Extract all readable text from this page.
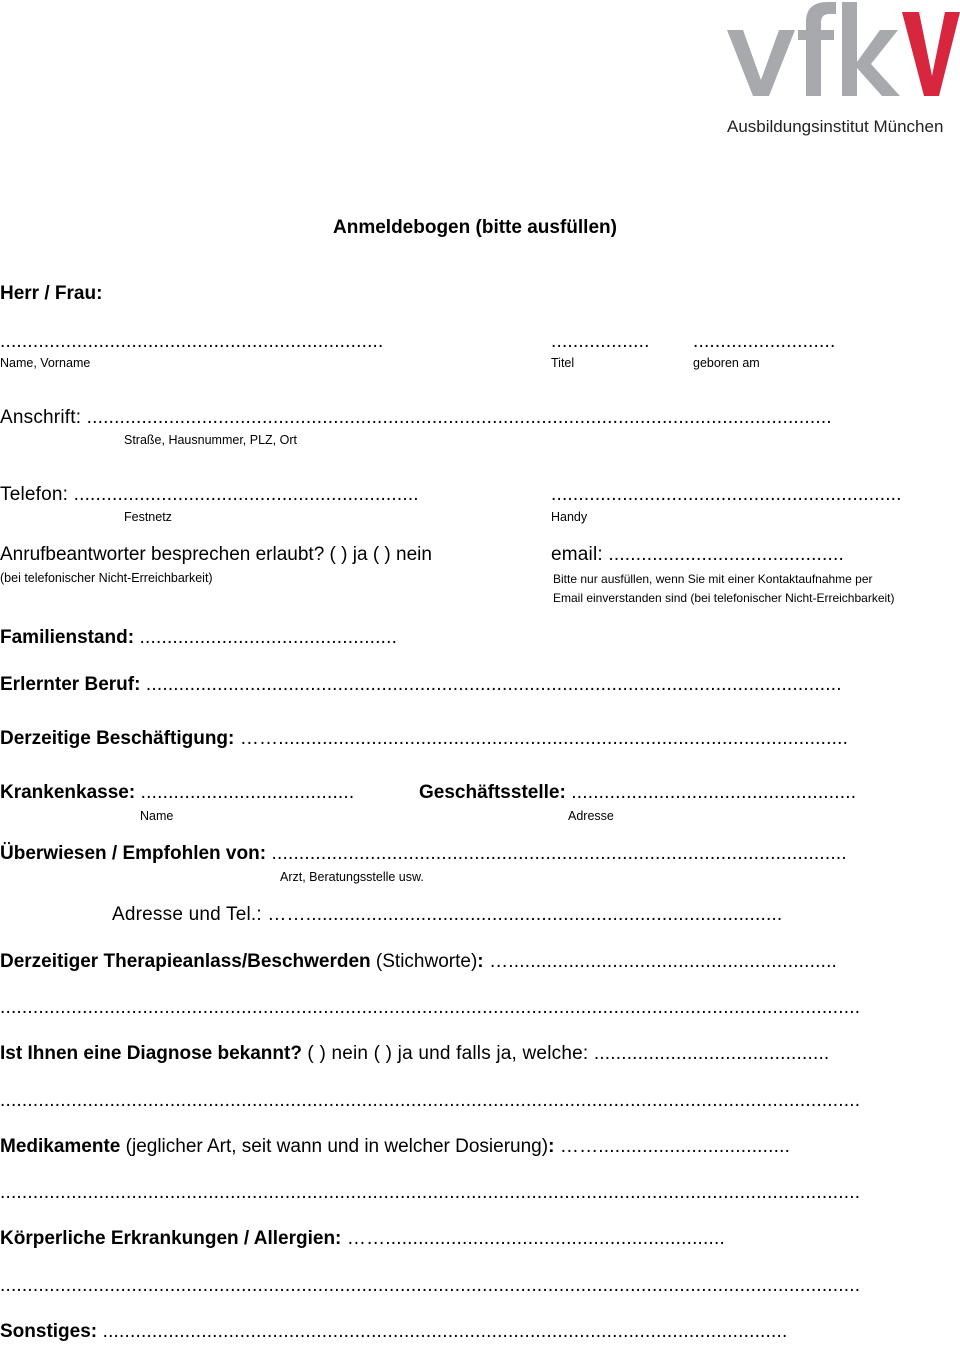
Ausbildungsinstitut München
Anmeldebogen (bitte ausfüllen)
Herr / Frau:
......................................................................	.................. ..........................
Name, Vorname	Titel	geboren am
Anschrift: ........................................................................................................................................
Straße, Hausnummer, PLZ, Ort
Telefon: ...............................................................	................................................................
Festnetz	Handy
Anrufbeantworter besprechen erlaubt? ( ) ja ( ) nein	email: ...........................................
(bei telefonischer Nicht-Erreichbarkeit)	Bitte nur ausfüllen, wenn Sie mit einer Kontaktaufnahme per
Email einverstanden sind (bei telefonischer Nicht-Erreichbarkeit)
Familienstand: ...............................................
Erlernter Beruf: ...............................................................................................................................
Derzeitige Beschäftigung: ……........................................................................................................
Krankenkasse: .......................................	Geschäftsstelle: ....................................................
Name	Adresse
Überwiesen / Empfohlen von: .........................................................................................................
Arzt, Beratungsstelle usw.
Adresse und Tel.: …….......................................................................................
Derzeitiger Therapieanlass/Beschwerden (Stichworte): …............................................................
.............................................................................................................................................................
Ist Ihnen eine Diagnose bekannt? ( ) nein ( ) ja und falls ja, welche: ...........................................
.............................................................................................................................................................
Medikamente (jeglicher Art, seit wann und in welcher Dosierung): ……...................................
.............................................................................................................................................................
Körperliche Erkrankungen / Allergien: ……..............................................................
.............................................................................................................................................................
Sonstiges: .............................................................................................................................
